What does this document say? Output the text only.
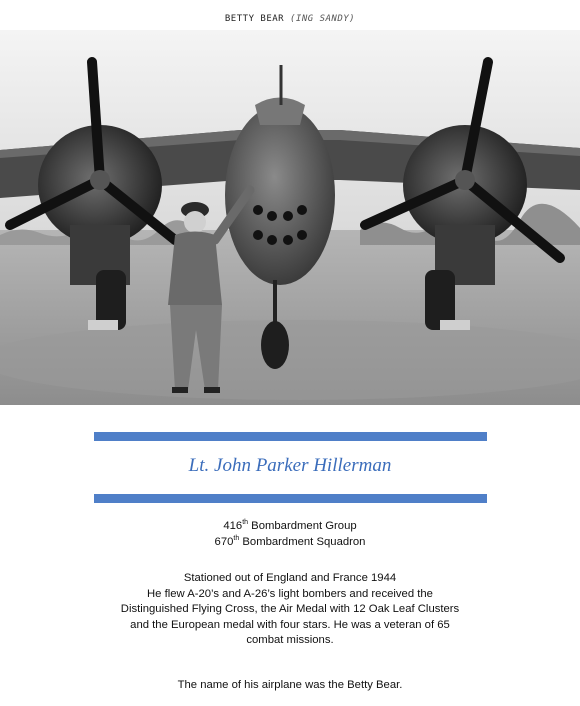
BETTY BEAR (ING SANDY)
Lt. John Parker Hillerman
416th Bombardment Group
670th Bombardment Squadron
Stationed out of England and France 1944
He flew A-20’s and A-26’s light bombers and received the
Distinguished Flying Cross, the Air Medal with 12 Oak Leaf Clusters
and the European medal with four stars. He was a veteran of 65
combat missions.
The name of his airplane was the Betty Bear.
